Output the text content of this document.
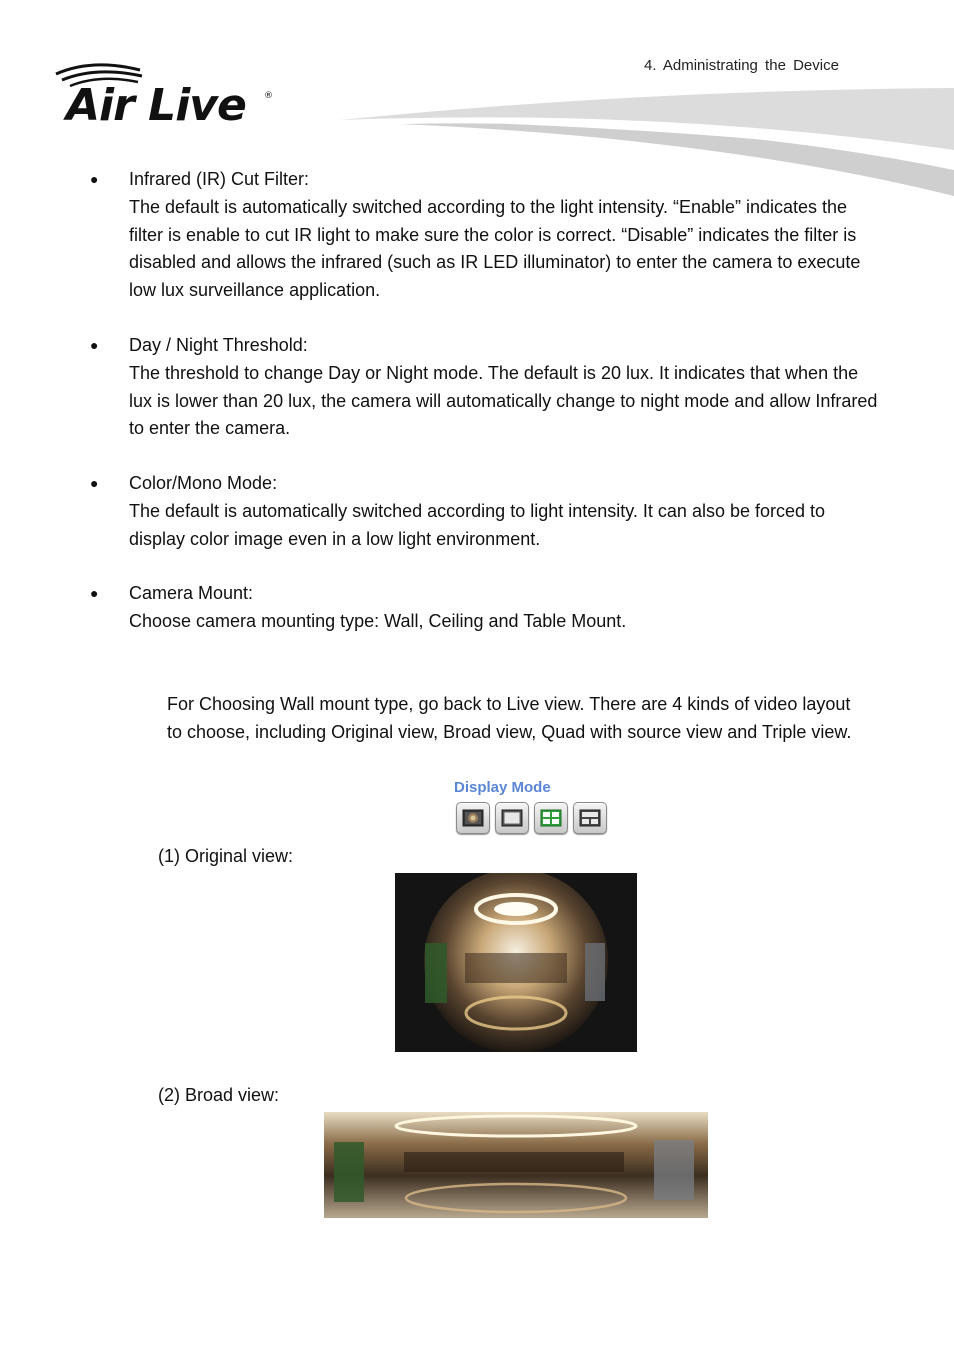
4. Administrating the Device
Air Live ®
● Infrared (IR) Cut Filter:
The default is automatically switched according to the light intensity. “Enable” indicates the filter is enable to cut IR light to make sure the color is correct. “Disable” indicates the filter is disabled and allows the infrared (such as IR LED illuminator) to enter the camera to execute low lux surveillance application.
● Day / Night Threshold:
The threshold to change Day or Night mode. The default is 20 lux. It indicates that when the lux is lower than 20 lux, the camera will automatically change to night mode and allow Infrared to enter the camera.
● Color/Mono Mode:
The default is automatically switched according to light intensity. It can also be forced to display color image even in a low light environment.
● Camera Mount:
Choose camera mounting type: Wall, Ceiling and Table Mount.
For Choosing Wall mount type, go back to Live view. There are 4 kinds of video layout to choose, including Original view, Broad view, Quad with source view and Triple view.
Display Mode
(1) Original view:
(2) Broad view:
